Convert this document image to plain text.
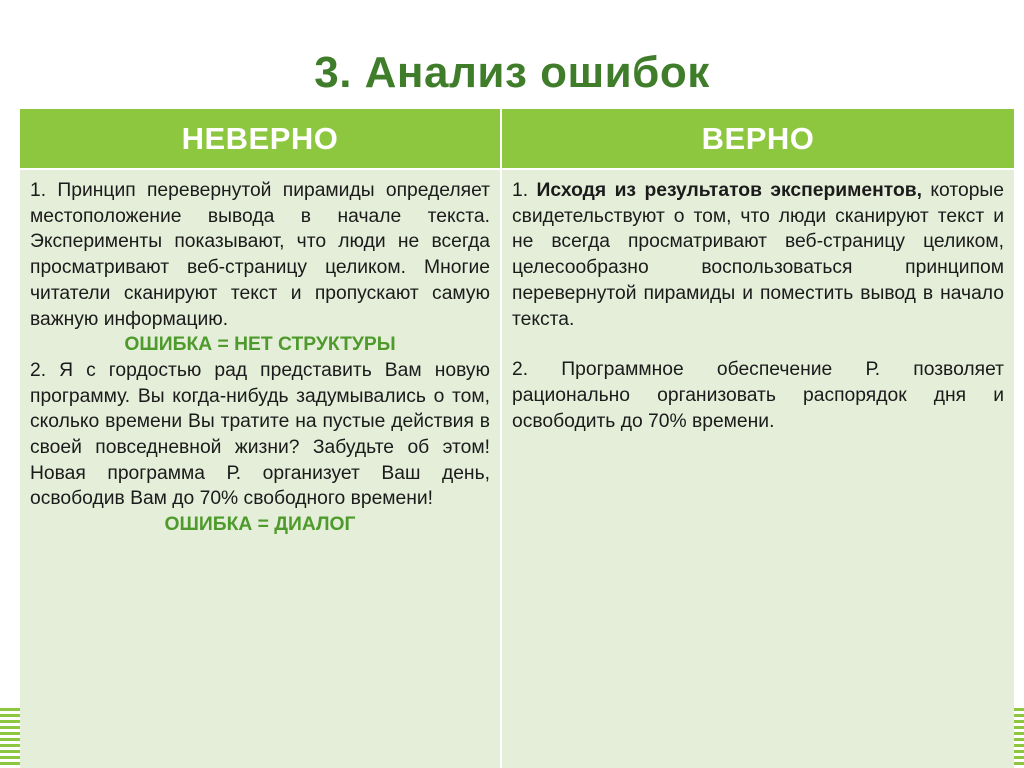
3. Анализ ошибок
НЕВЕРНО	ВЕРНО

1. Принцип перевернутой пирамиды определяет местоположение вывода в начале текста. Эксперименты показывают, что люди не всегда просматривают веб-страницу целиком. Многие читатели сканируют текст и пропускают самую важную информацию.

ОШИБКА = НЕТ СТРУКТУРЫ

2. Я с гордостью рад представить Вам новую программу. Вы когда-нибудь задумывались о том, сколько времени Вы тратите на пустые действия в своей повседневной жизни? Забудьте об этом! Новая программа Р. организует Ваш день, освободив Вам до 70% свободного времени!

ОШИБКА = ДИАЛОГ

1. Исходя из результатов экспериментов, которые свидетельствуют о том, что люди сканируют текст и не всегда просматривают веб-страницу целиком, целесообразно воспользоваться принципом перевернутой пирамиды и поместить вывод в начало текста.

2. Программное обеспечение Р. позволяет рационально организовать распорядок дня и освободить до 70% времени.
